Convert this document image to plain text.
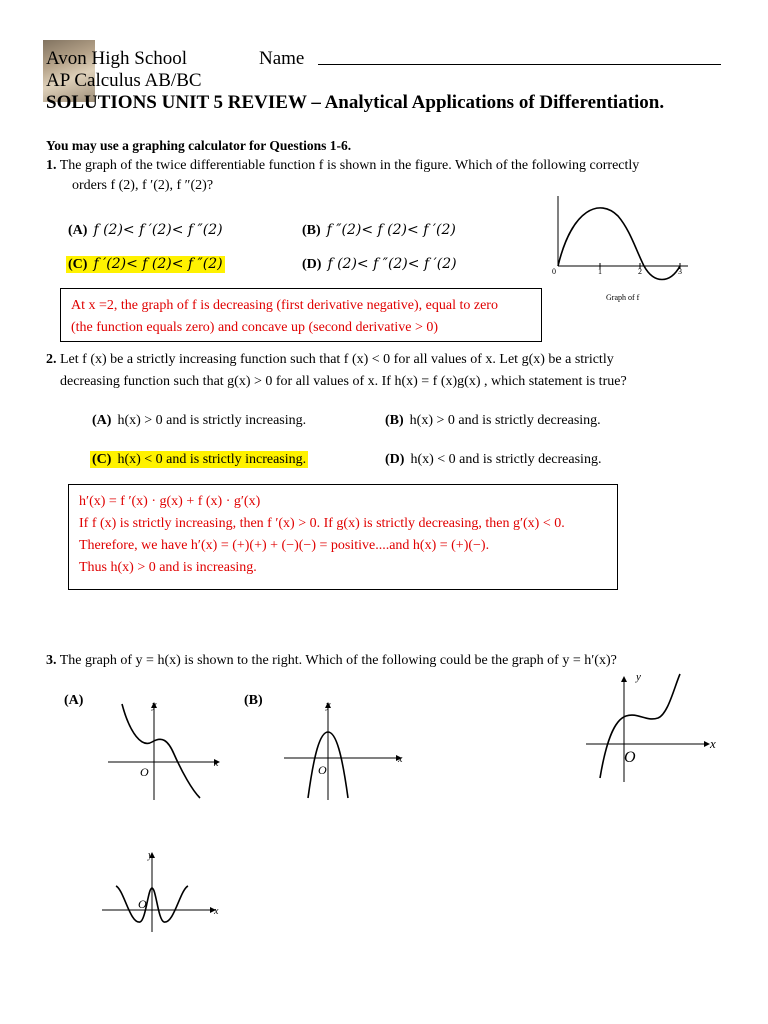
Avon High School	Name
AP Calculus AB/BC
SOLUTIONS UNIT 5 REVIEW – Analytical Applications of Differentiation.
You may use a graphing calculator for Questions 1-6.
1. The graph of the twice differentiable function f is shown in the figure. Which of the following correctly
orders f (2), f ′(2), f ″(2)?
(A) f (2)< f ′(2)< f ″(2)	(B) f ″(2)< f (2)< f ′(2)
(C) f ′(2)< f (2)< f ″(2)	(D) f (2)< f ″(2)< f ′(2)	0	1	2	3
Graph of f
At x =2, the graph of f is decreasing (first derivative negative), equal to zero
(the function equals zero) and concave up (second derivative > 0)
2. Let f (x) be a strictly increasing function such that f (x) < 0 for all values of x. Let g(x) be a strictly
decreasing function such that g(x) > 0 for all values of x. If h(x) = f (x)g(x) , which statement is true?
(A) h(x) > 0 and is strictly increasing.	(B) h(x) > 0 and is strictly decreasing.
(C) h(x) < 0 and is strictly increasing.	(D) h(x) < 0 and is strictly decreasing.
h′(x) = f ′(x) · g(x) + f (x) · g′(x)
If f (x) is strictly increasing, then f ′(x) > 0. If g(x) is strictly decreasing, then g′(x) < 0.
Therefore, we have h′(x) = (+)(+) + (−)(−) = positive....and h(x) = (+)(−).
Thus h(x) > 0 and is increasing.
3. The graph of y = h(x) is shown to the right. Which of the following could be the graph of y = h′(x)?
(A)	(B)
y
x
O
y
x
O
y
x
O
y
x
O
